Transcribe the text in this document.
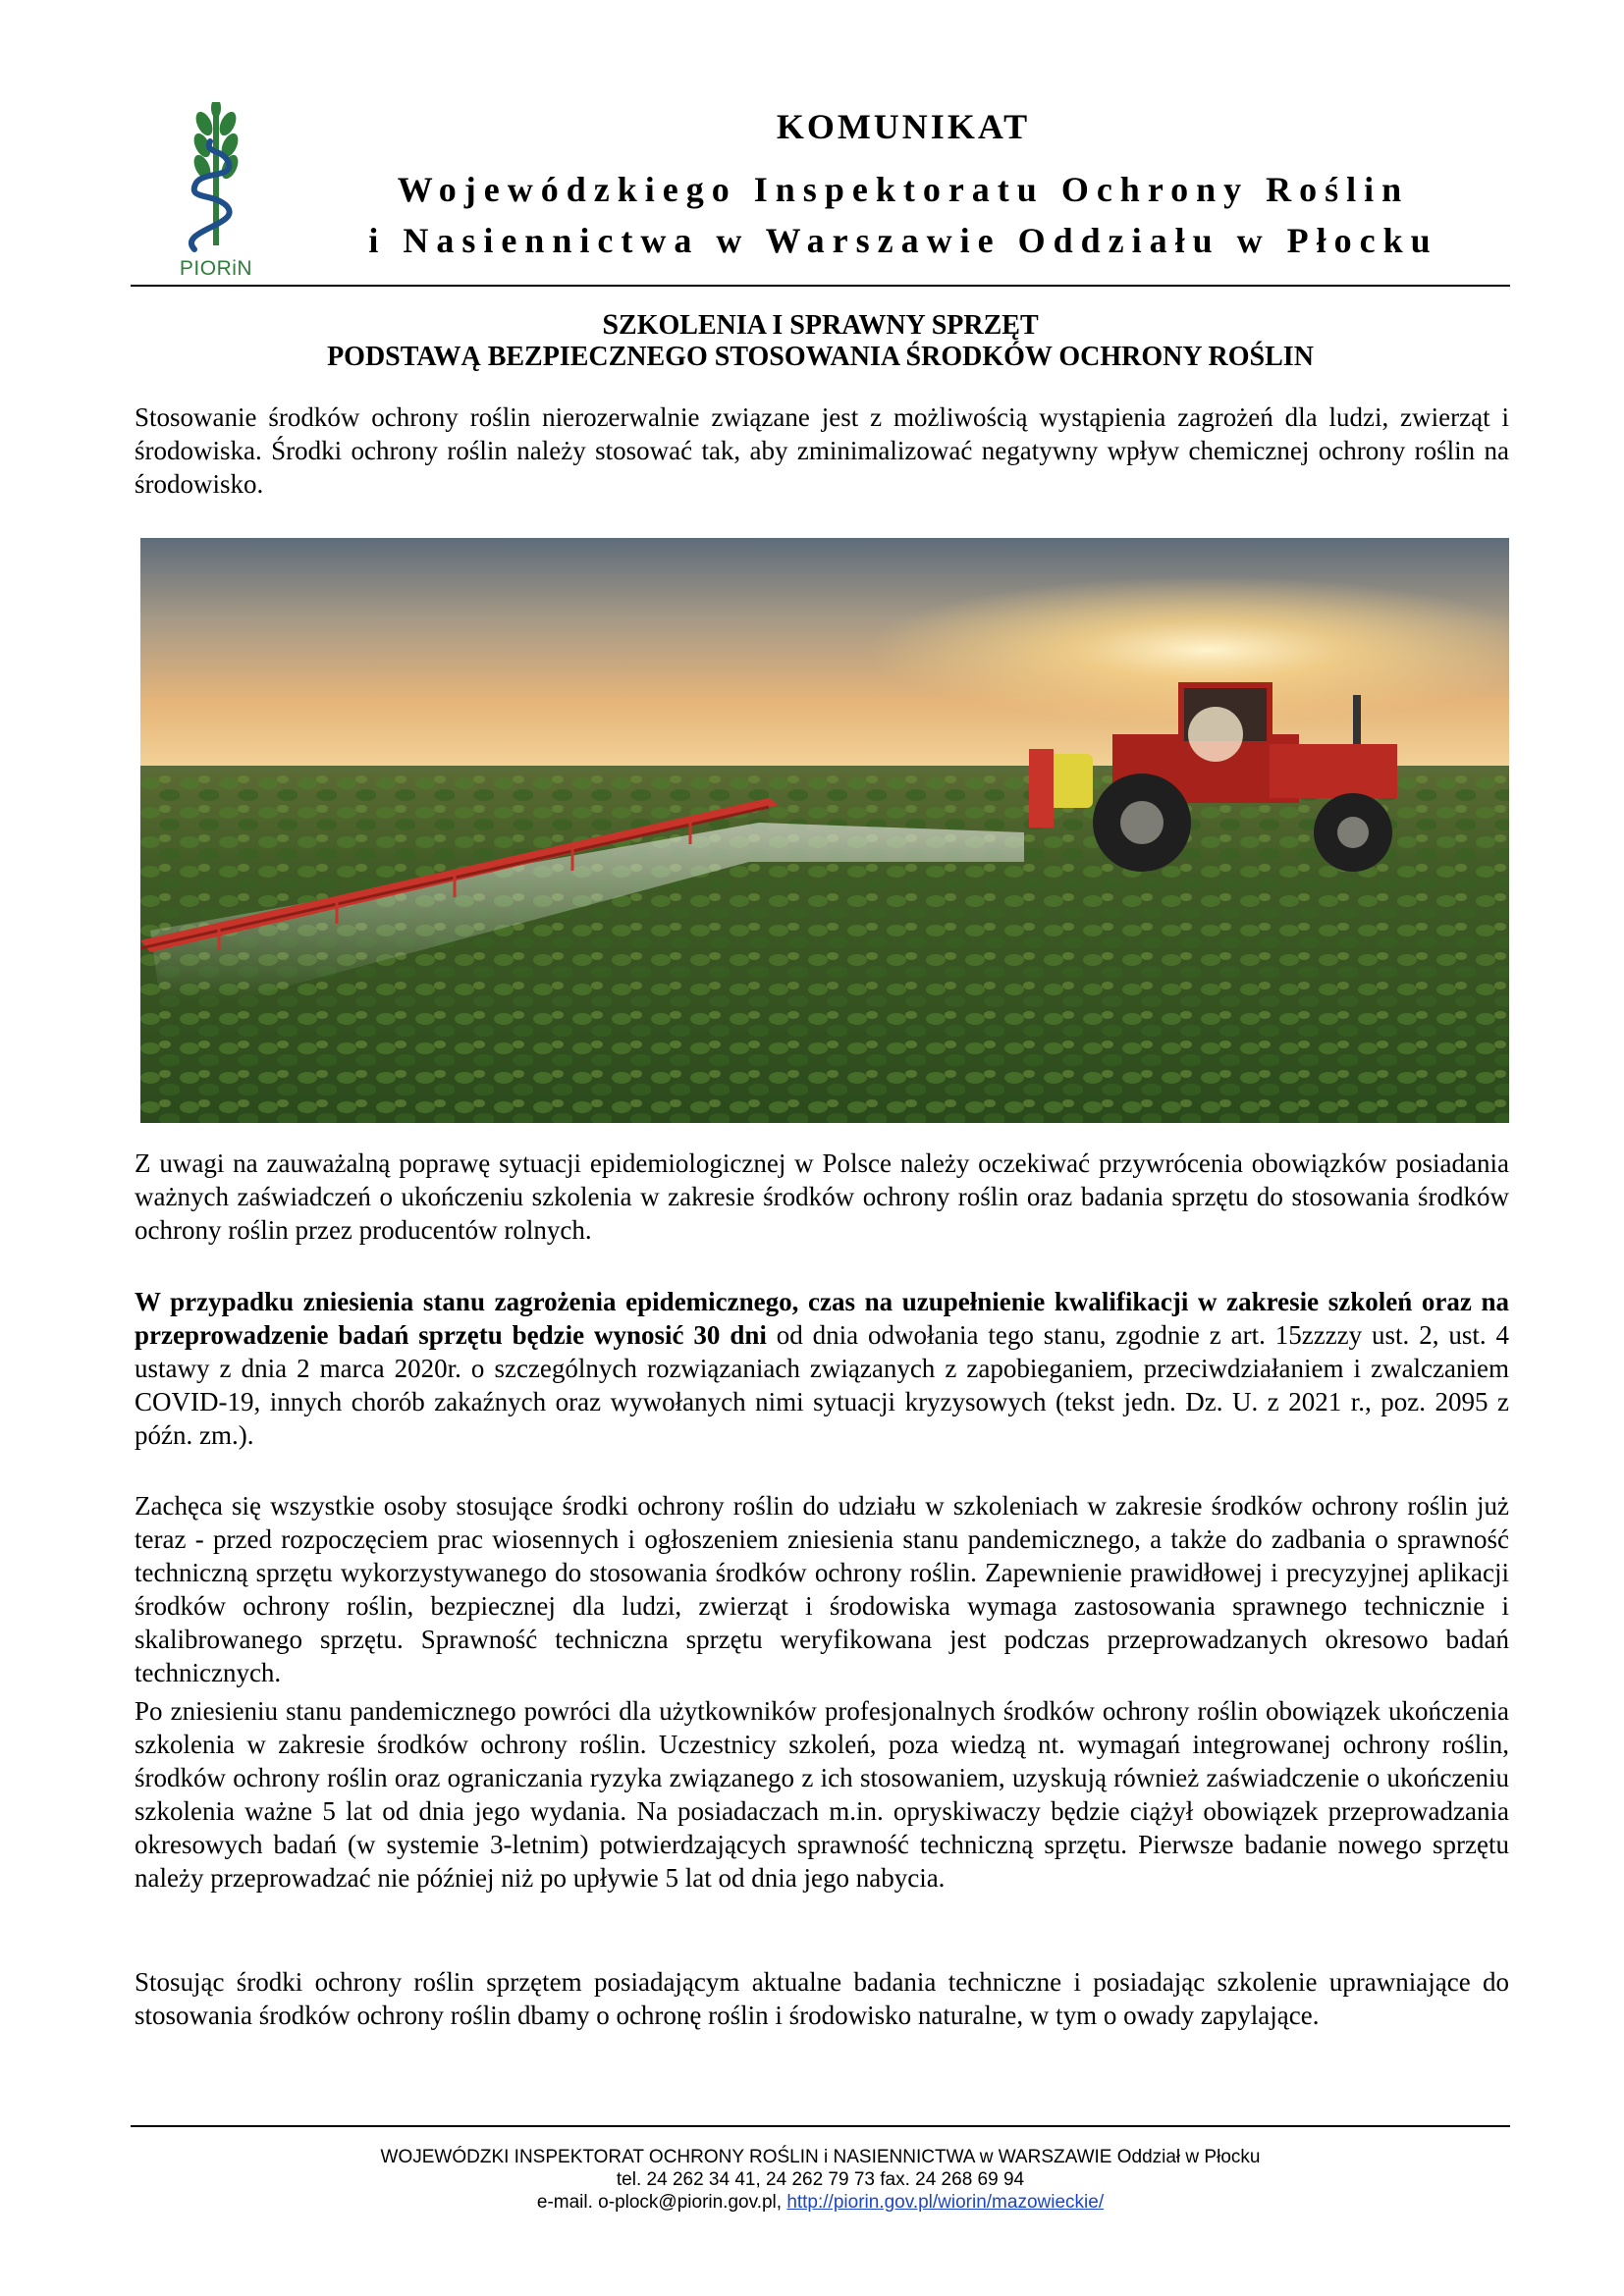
PIORiN
KOMUNIKAT
Wojewódzkiego Inspektoratu Ochrony Roślin
i Nasiennictwa w Warszawie Oddziału w Płocku
SZKOLENIA I SPRAWNY SPRZĘT
PODSTAWĄ BEZPIECZNEGO STOSOWANIA ŚRODKÓW OCHRONY ROŚLIN
Stosowanie środków ochrony roślin nierozerwalnie związane jest z możliwością wystąpienia zagrożeń dla ludzi, zwierząt i środowiska. Środki ochrony roślin należy stosować tak, aby zminimalizować negatywny wpływ chemicznej ochrony roślin na środowisko.
Z uwagi na zauważalną poprawę sytuacji epidemiologicznej w Polsce należy oczekiwać przywrócenia obowiązków posiadania ważnych zaświadczeń o ukończeniu szkolenia w zakresie środków ochrony roślin oraz badania sprzętu do stosowania środków ochrony roślin przez producentów rolnych.
W przypadku zniesienia stanu zagrożenia epidemicznego, czas na uzupełnienie kwalifikacji w zakresie szkoleń oraz na przeprowadzenie badań sprzętu będzie wynosić 30 dni od dnia odwołania tego stanu, zgodnie z art. 15zzzzy ust. 2, ust. 4 ustawy z dnia 2 marca 2020r. o szczególnych rozwiązaniach związanych z zapobieganiem, przeciwdziałaniem i zwalczaniem COVID-19, innych chorób zakaźnych oraz wywołanych nimi sytuacji kryzysowych (tekst jedn. Dz. U. z 2021 r., poz. 2095 z późn. zm.).
Zachęca się wszystkie osoby stosujące środki ochrony roślin do udziału w szkoleniach w zakresie środków ochrony roślin już teraz - przed rozpoczęciem prac wiosennych i ogłoszeniem zniesienia stanu pandemicznego, a także do zadbania o sprawność techniczną sprzętu wykorzystywanego do stosowania środków ochrony roślin. Zapewnienie prawidłowej i precyzyjnej aplikacji środków ochrony roślin, bezpiecznej dla ludzi, zwierząt i środowiska wymaga zastosowania sprawnego technicznie i skalibrowanego sprzętu. Sprawność techniczna sprzętu weryfikowana jest podczas przeprowadzanych okresowo badań technicznych.
Po zniesieniu stanu pandemicznego powróci dla użytkowników profesjonalnych środków ochrony roślin obowiązek ukończenia szkolenia w zakresie środków ochrony roślin. Uczestnicy szkoleń, poza wiedzą nt. wymagań integrowanej ochrony roślin, środków ochrony roślin oraz ograniczania ryzyka związanego z ich stosowaniem, uzyskują również zaświadczenie o ukończeniu szkolenia ważne 5 lat od dnia jego wydania. Na posiadaczach m.in. opryskiwaczy będzie ciążył obowiązek przeprowadzania okresowych badań (w systemie 3-letnim) potwierdzających sprawność techniczną sprzętu. Pierwsze badanie nowego sprzętu należy przeprowadzać nie później niż po upływie 5 lat od dnia jego nabycia.
Stosując środki ochrony roślin sprzętem posiadającym aktualne badania techniczne i posiadając szkolenie uprawniające do stosowania środków ochrony roślin dbamy o ochronę roślin i środowisko naturalne, w tym o owady zapylające.
WOJEWÓDZKI INSPEKTORAT OCHRONY ROŚLIN i NASIENNICTWA w WARSZAWIE Oddział w Płocku
tel. 24 262 34 41, 24 262 79 73 fax. 24 268 69 94
e-mail. o-plock@piorin.gov.pl, http://piorin.gov.pl/wiorin/mazowieckie/
